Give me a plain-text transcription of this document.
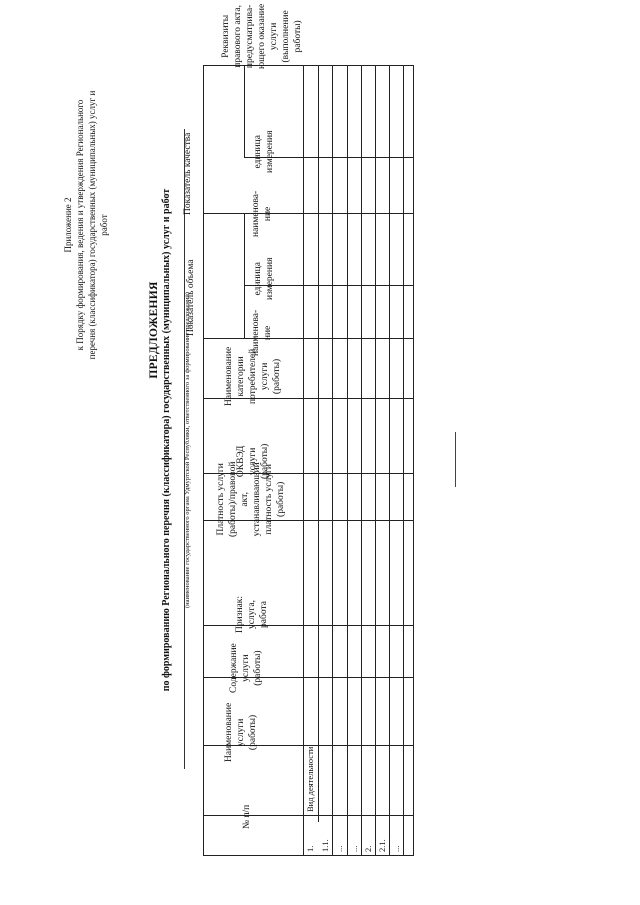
Приложение 2 к Порядку формирования, ведения и утверждения Регионального перечня (классификатора) государственных (муниципальных) услуг и работ
ПРЕДЛОЖЕНИЯ по формированию Регионального перечня (классификатора) государственных (муниципальных) услуг и работ (наименование государственного органа Удмуртской Республики, ответственного за формирование предложений)
№ п/п
Наименование услуги (работы)
Содержание услуги (работы)
Признак: услуга, работа
Платность услуги (работы)/правовой акт, устанавливающий платность услуги (работы)
ОКВЭД услуги (работы)
Наименование категории потребителей услуги (работы)
Показатель объема	наименова- ние
единица измерения
Показатель качества	наименова- ние
единица измерения
Реквизиты правового акта, предусматрива- ющего оказание услуги (выполнение работы)
1. 1.1. ... ... 2. 2.1. ...
Вид деятельности
